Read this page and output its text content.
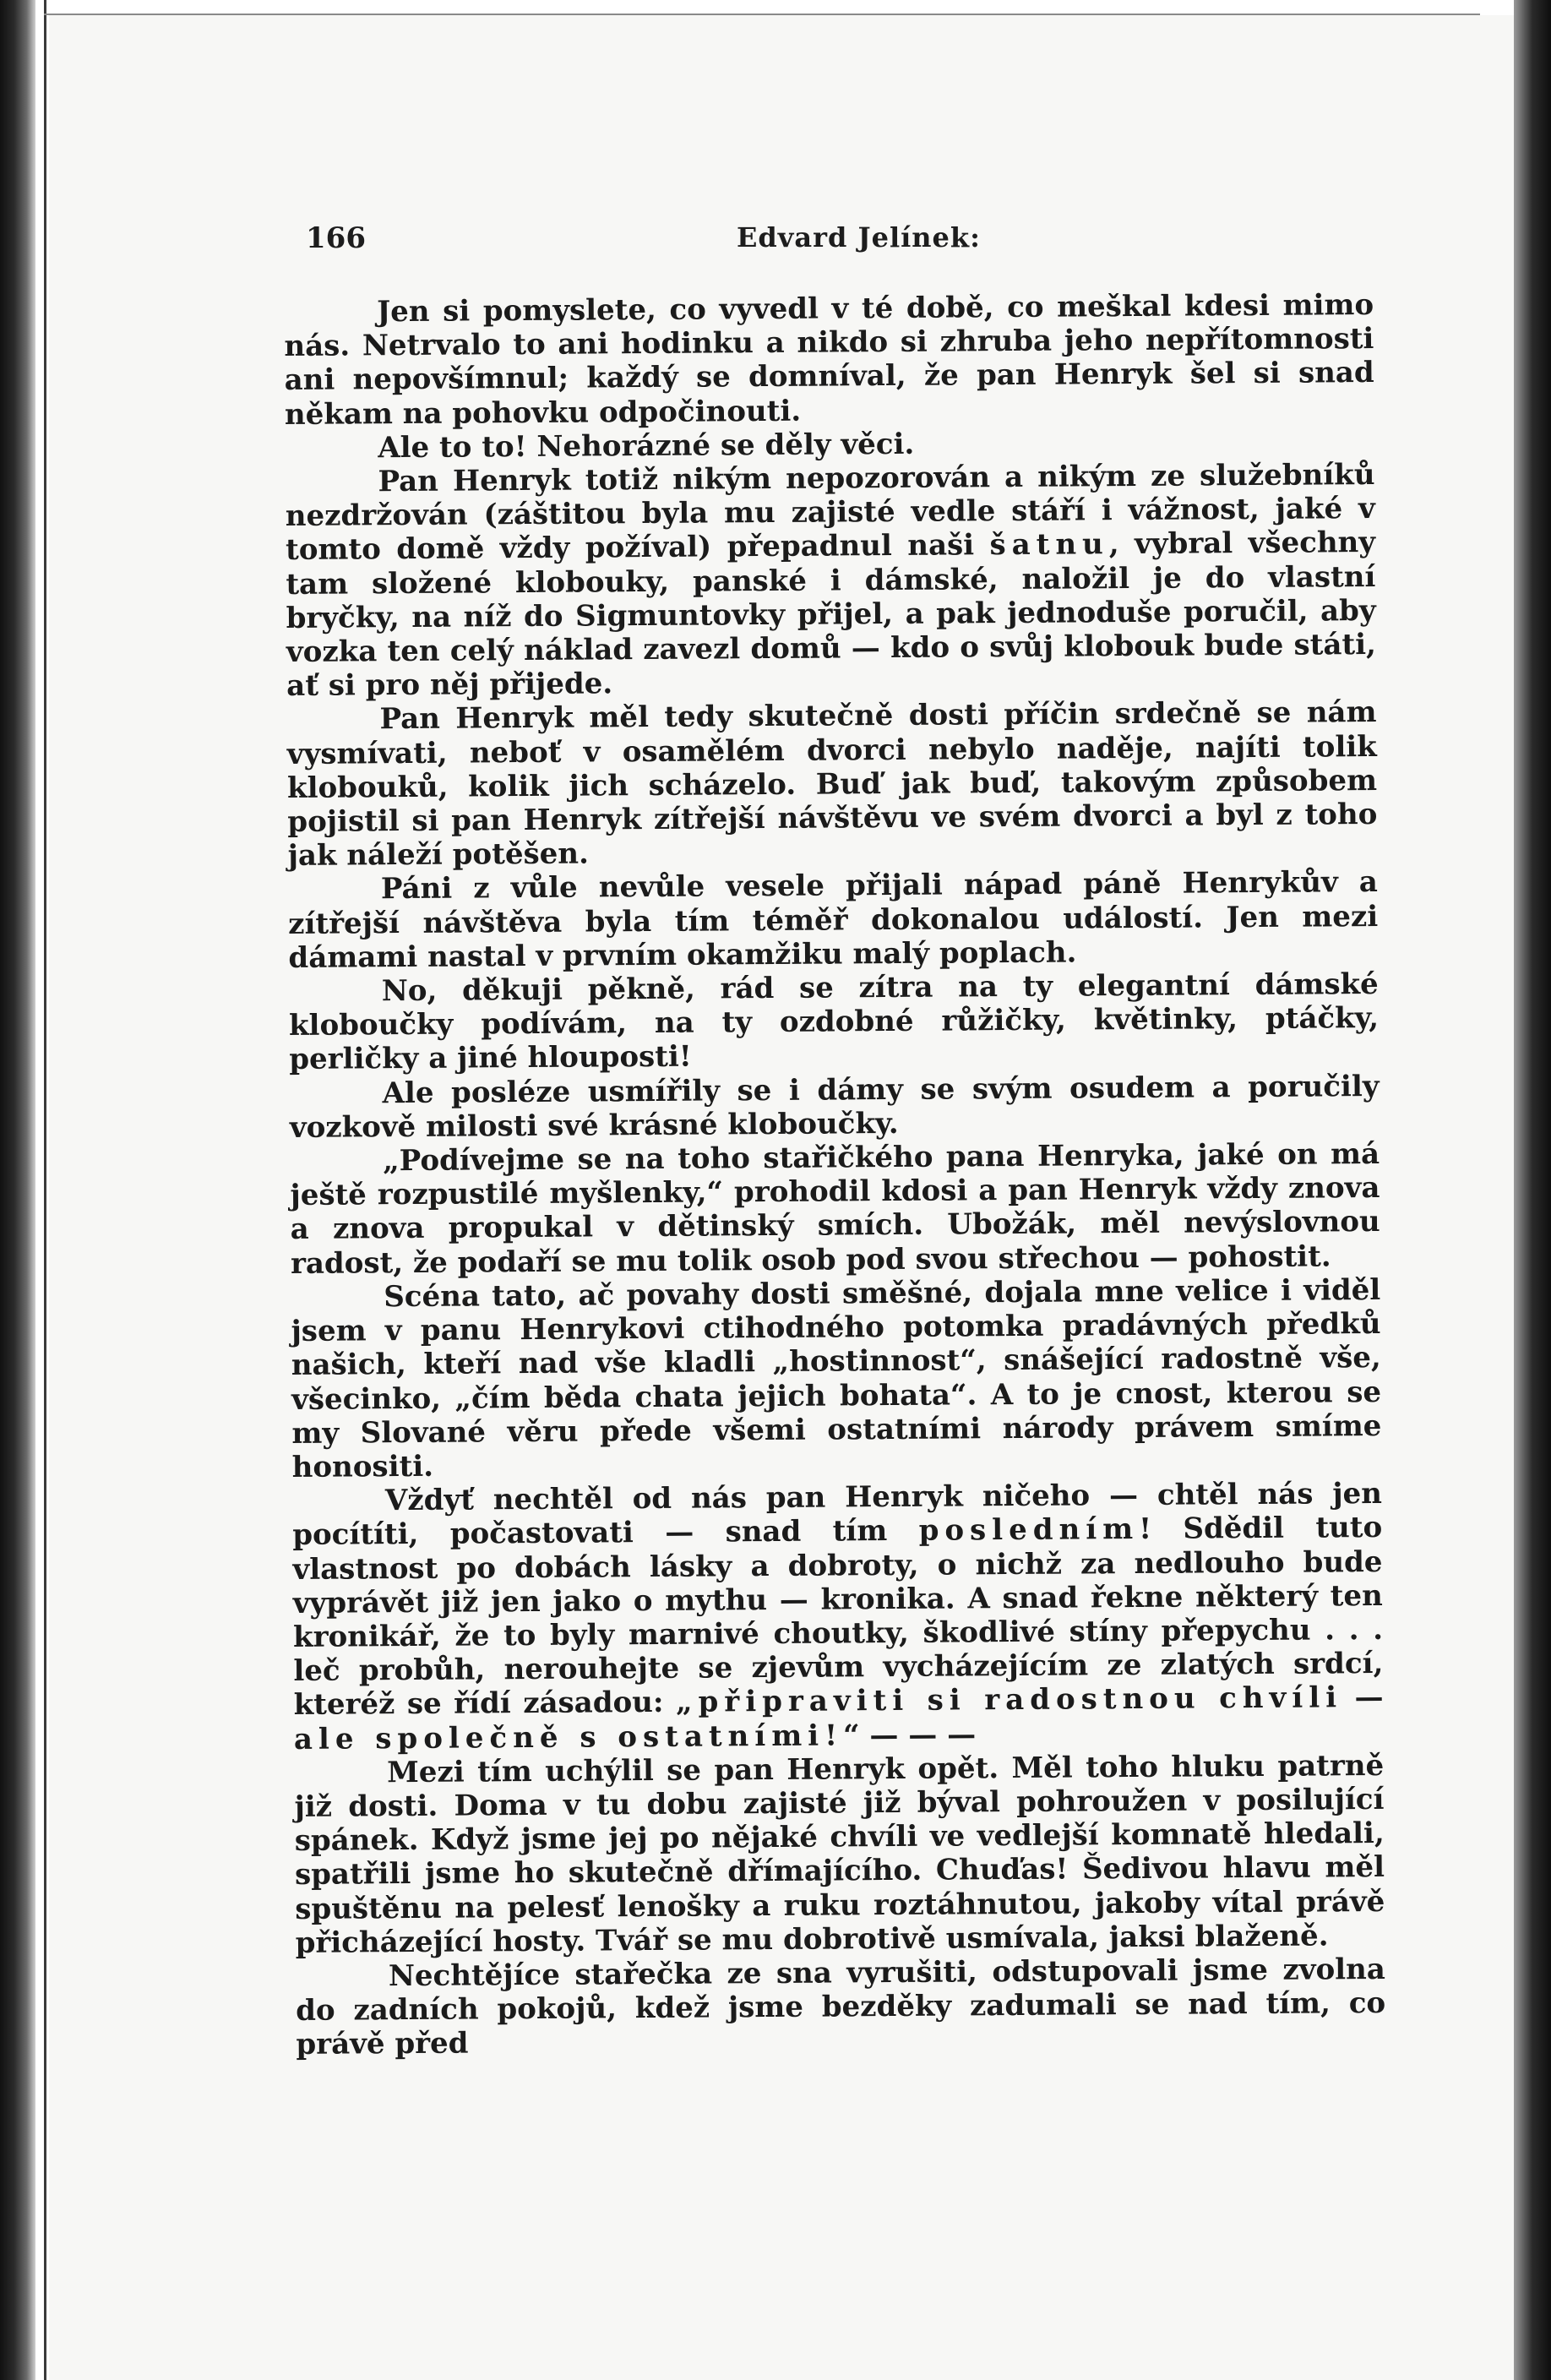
166	Edvard Jelínek:

Jen si pomyslete, co vyvedl v té době, co meškal kdesi mimo nás. Netrvalo to ani hodinku a nikdo si zhruba jeho nepřítomnosti ani nepovšímnul; každý se domníval, že pan Henryk šel si snad někam na pohovku odpočinouti.

Ale to to! Nehorázné se děly věci.

Pan Henryk totiž nikým nepozorován a nikým ze služebníků nezdržován (záštitou byla mu zajisté vedle stáří i vážnost, jaké v tomto domě vždy požíval) přepadnul naši šatnu, vybral všechny tam složené klobouky, panské i dámské, naložil je do vlastní bryčky, na níž do Sigmuntovky přijel, a pak jednoduše poručil, aby vozka ten celý náklad zavezl domů — kdo o svůj klobouk bude státi, ať si pro něj přijede.

Pan Henryk měl tedy skutečně dosti příčin srdečně se nám vysmívati, neboť v osamělém dvorci nebylo naděje, najíti tolik klobouků, kolik jich scházelo. Buď jak buď, takovým způsobem pojistil si pan Henryk zítřejší návštěvu ve svém dvorci a byl z toho jak náleží potěšen.

Páni z vůle nevůle vesele přijali nápad páně Henrykův a zítřejší návštěva byla tím téměř dokonalou událostí. Jen mezi dámami nastal v prvním okamžiku malý poplach.

No, děkuji pěkně, rád se zítra na ty elegantní dámské kloboučky podívám, na ty ozdobné růžičky, květinky, ptáčky, perličky a jiné hlouposti!

Ale posléze usmířily se i dámy se svým osudem a poručily vozkově milosti své krásné kloboučky.

„Podívejme se na toho stařičkého pana Henryka, jaké on má ještě rozpustilé myšlenky,“ prohodil kdosi a pan Henryk vždy znova a znova propukal v dětinský smích. Ubožák, měl nevýslovnou radost, že podaří se mu tolik osob pod svou střechou — pohostit.

Scéna tato, ač povahy dosti směšné, dojala mne velice i viděl jsem v panu Henrykovi ctihodného potomka pradávných předků našich, kteří nad vše kladli „hostinnost“, snášející radostně vše, všecinko, „čím běda chata jejich bohata“. A to je cnost, kterou se my Slované věru přede všemi ostatními národy právem smíme honositi.

Vždyť nechtěl od nás pan Henryk ničeho — chtěl nás jen pocítíti, počastovati — snad tím posledním! Sdědil tuto vlastnost po dobách lásky a dobroty, o nichž za nedlouho bude vyprávět již jen jako o mythu — kronika. A snad řekne některý ten kronikář, že to byly marnivé choutky, škodlivé stíny přepychu . . . leč probůh, nerouhejte se zjevům vycházejícím ze zlatých srdcí, kteréž se řídí zásadou: „připraviti si radostnou chvíli — ale společně s ostatními!“ — — —

Mezi tím uchýlil se pan Henryk opět. Měl toho hluku patrně již dosti. Doma v tu dobu zajisté již býval pohroužen v posilující spánek. Když jsme jej po nějaké chvíli ve vedlejší komnatě hledali, spatřili jsme ho skutečně dřímajícího. Chuďas! Šedivou hlavu měl spuštěnu na pelesť lenošky a ruku roztáhnutou, jakoby vítal právě přicházející hosty. Tvář se mu dobrotivě usmívala, jaksi blaženě.

Nechtějíce stařečka ze sna vyrušiti, odstupovali jsme zvolna do zadních pokojů, kdež jsme bezděky zadumali se nad tím, co právě před
